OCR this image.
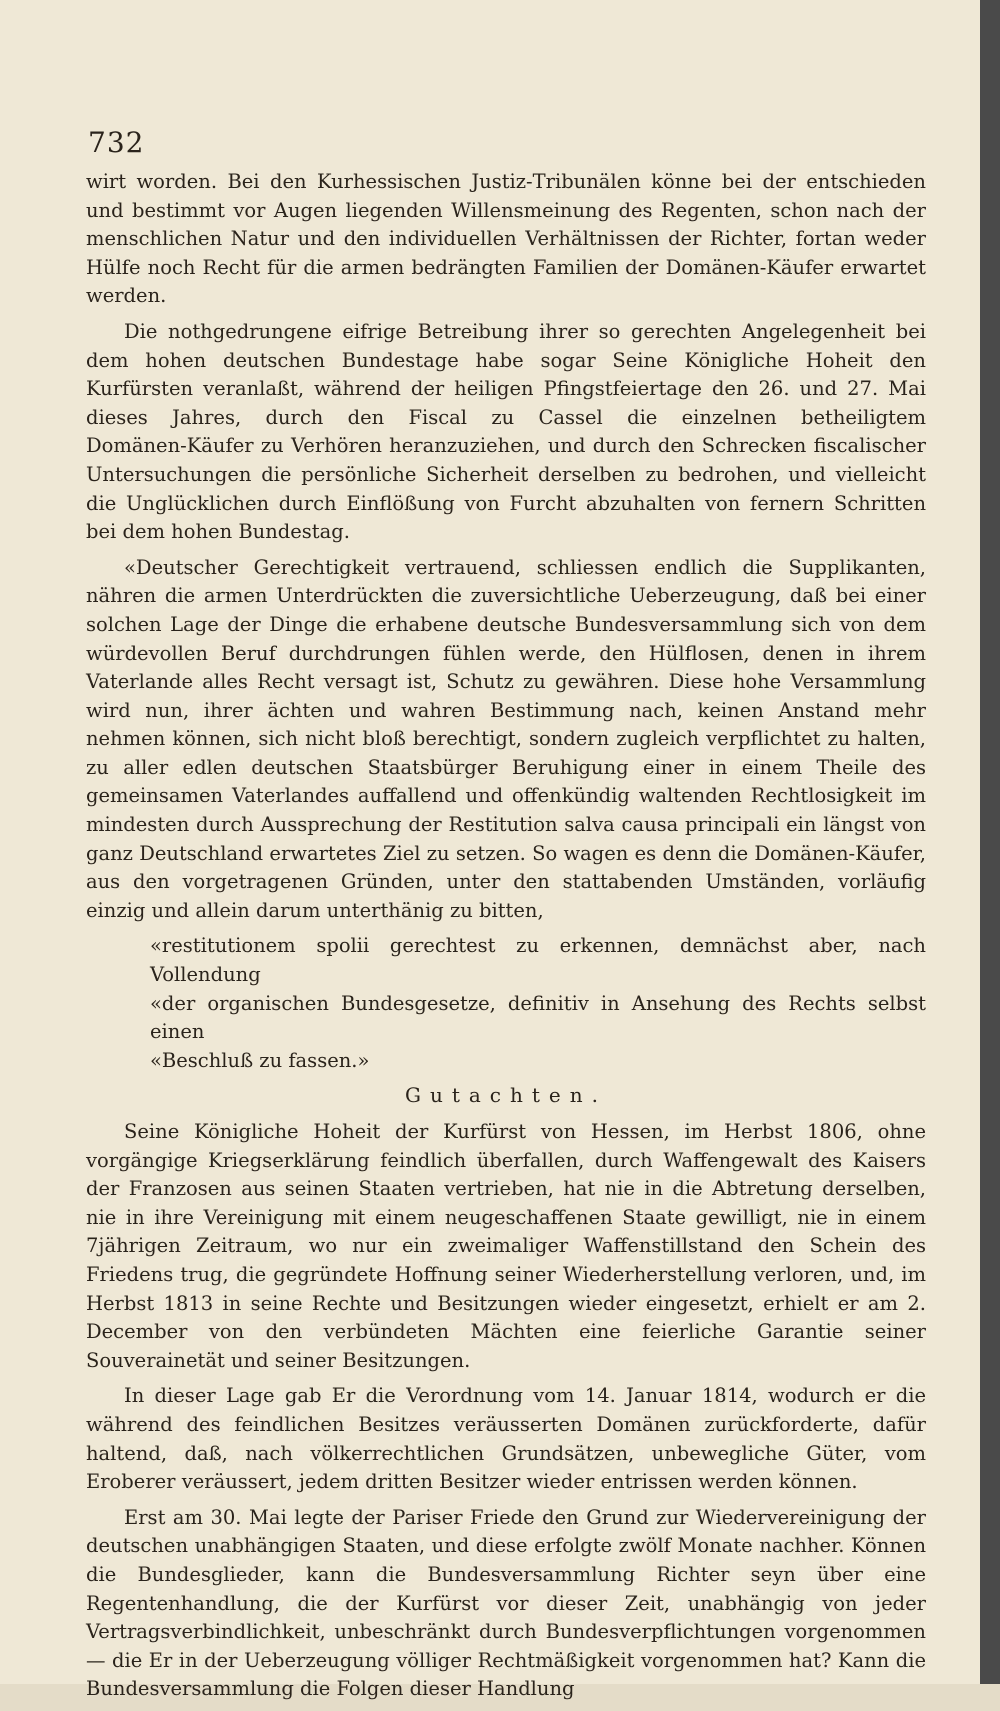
732

wirt worden. Bei den Kurhessischen Justiz‑Tribunälen könne bei der entschieden und bestimmt vor Augen liegenden Willensmeinung des Regenten, schon nach der menschlichen Natur und den individuellen Verhältnissen der Richter, fortan weder Hülfe noch Recht für die armen bedrängten Familien der Domänen‑Käufer erwartet werden.

Die nothgedrungene eifrige Betreibung ihrer so gerechten Angelegenheit bei dem hohen deutschen Bundestage habe sogar Seine Königliche Hoheit den Kurfürsten veranlaßt, während der heiligen Pfingstfeiertage den 26. und 27. Mai dieses Jahres, durch den Fiscal zu Cassel die einzelnen betheiligtem Domänen‑Käufer zu Verhören heranzuziehen, und durch den Schrecken fiscalischer Untersuchungen die persönliche Sicherheit derselben zu bedrohen, und vielleicht die Unglücklichen durch Einflößung von Furcht abzuhalten von fernern Schritten bei dem hohen Bundestag.

«Deutscher Gerechtigkeit vertrauend, schliessen endlich die Supplikanten, nähren die armen Unterdrückten die zuversichtliche Ueberzeugung, daß bei einer solchen Lage der Dinge die erhabene deutsche Bundesversammlung sich von dem würdevollen Beruf durchdrungen fühlen werde, den Hülflosen, denen in ihrem Vaterlande alles Recht versagt ist, Schutz zu gewähren. Diese hohe Versammlung wird nun, ihrer ächten und wahren Bestimmung nach, keinen Anstand mehr nehmen können, sich nicht bloß berechtigt, sondern zugleich verpflichtet zu halten, zu aller edlen deutschen Staatsbürger Beruhigung einer in einem Theile des gemeinsamen Vaterlandes auffallend und offenkündig waltenden Rechtlosigkeit im mindesten durch Aussprechung der Restitution salva causa principali ein längst von ganz Deutschland erwartetes Ziel zu setzen. So wagen es denn die Domänen‑Käufer, aus den vorgetragenen Gründen, unter den stattabenden Umständen, vorläufig einzig und allein darum unterthänig zu bitten,

«restitutionem spolii gerechtest zu erkennen, demnächst aber, nach Vollendung
«der organischen Bundesgesetze, definitiv in Ansehung des Rechts selbst einen
«Beschluß zu fassen.»
Gutachten.

Seine Königliche Hoheit der Kurfürst von Hessen, im Herbst 1806, ohne vorgängige Kriegserklärung feindlich überfallen, durch Waffengewalt des Kaisers der Franzosen aus seinen Staaten vertrieben, hat nie in die Abtretung derselben, nie in ihre Vereinigung mit einem neugeschaffenen Staate gewilligt, nie in einem 7jährigen Zeitraum, wo nur ein zweimaliger Waffenstillstand den Schein des Friedens trug, die gegründete Hoffnung seiner Wiederherstellung verloren, und, im Herbst 1813 in seine Rechte und Besitzungen wieder eingesetzt, erhielt er am 2. December von den verbündeten Mächten eine feierliche Garantie seiner Souverainetät und seiner Besitzungen.

In dieser Lage gab Er die Verordnung vom 14. Januar 1814, wodurch er die während des feindlichen Besitzes veräusserten Domänen zurückforderte, dafür haltend, daß, nach völkerrechtlichen Grundsätzen, unbewegliche Güter, vom Eroberer veräussert, jedem dritten Besitzer wieder entrissen werden können.

Erst am 30. Mai legte der Pariser Friede den Grund zur Wiedervereinigung der deutschen unabhängigen Staaten, und diese erfolgte zwölf Monate nachher. Können die Bundesglieder, kann die Bundesversammlung Richter seyn über eine Regentenhandlung, die der Kurfürst vor dieser Zeit, unabhängig von jeder Vertragsverbindlichkeit, unbeschränkt durch Bundesverpflichtungen vorgenommen — die Er in der Ueberzeugung völliger Rechtmäßigkeit vorgenommen hat? Kann die Bundesversammlung die Folgen dieser Handlung
